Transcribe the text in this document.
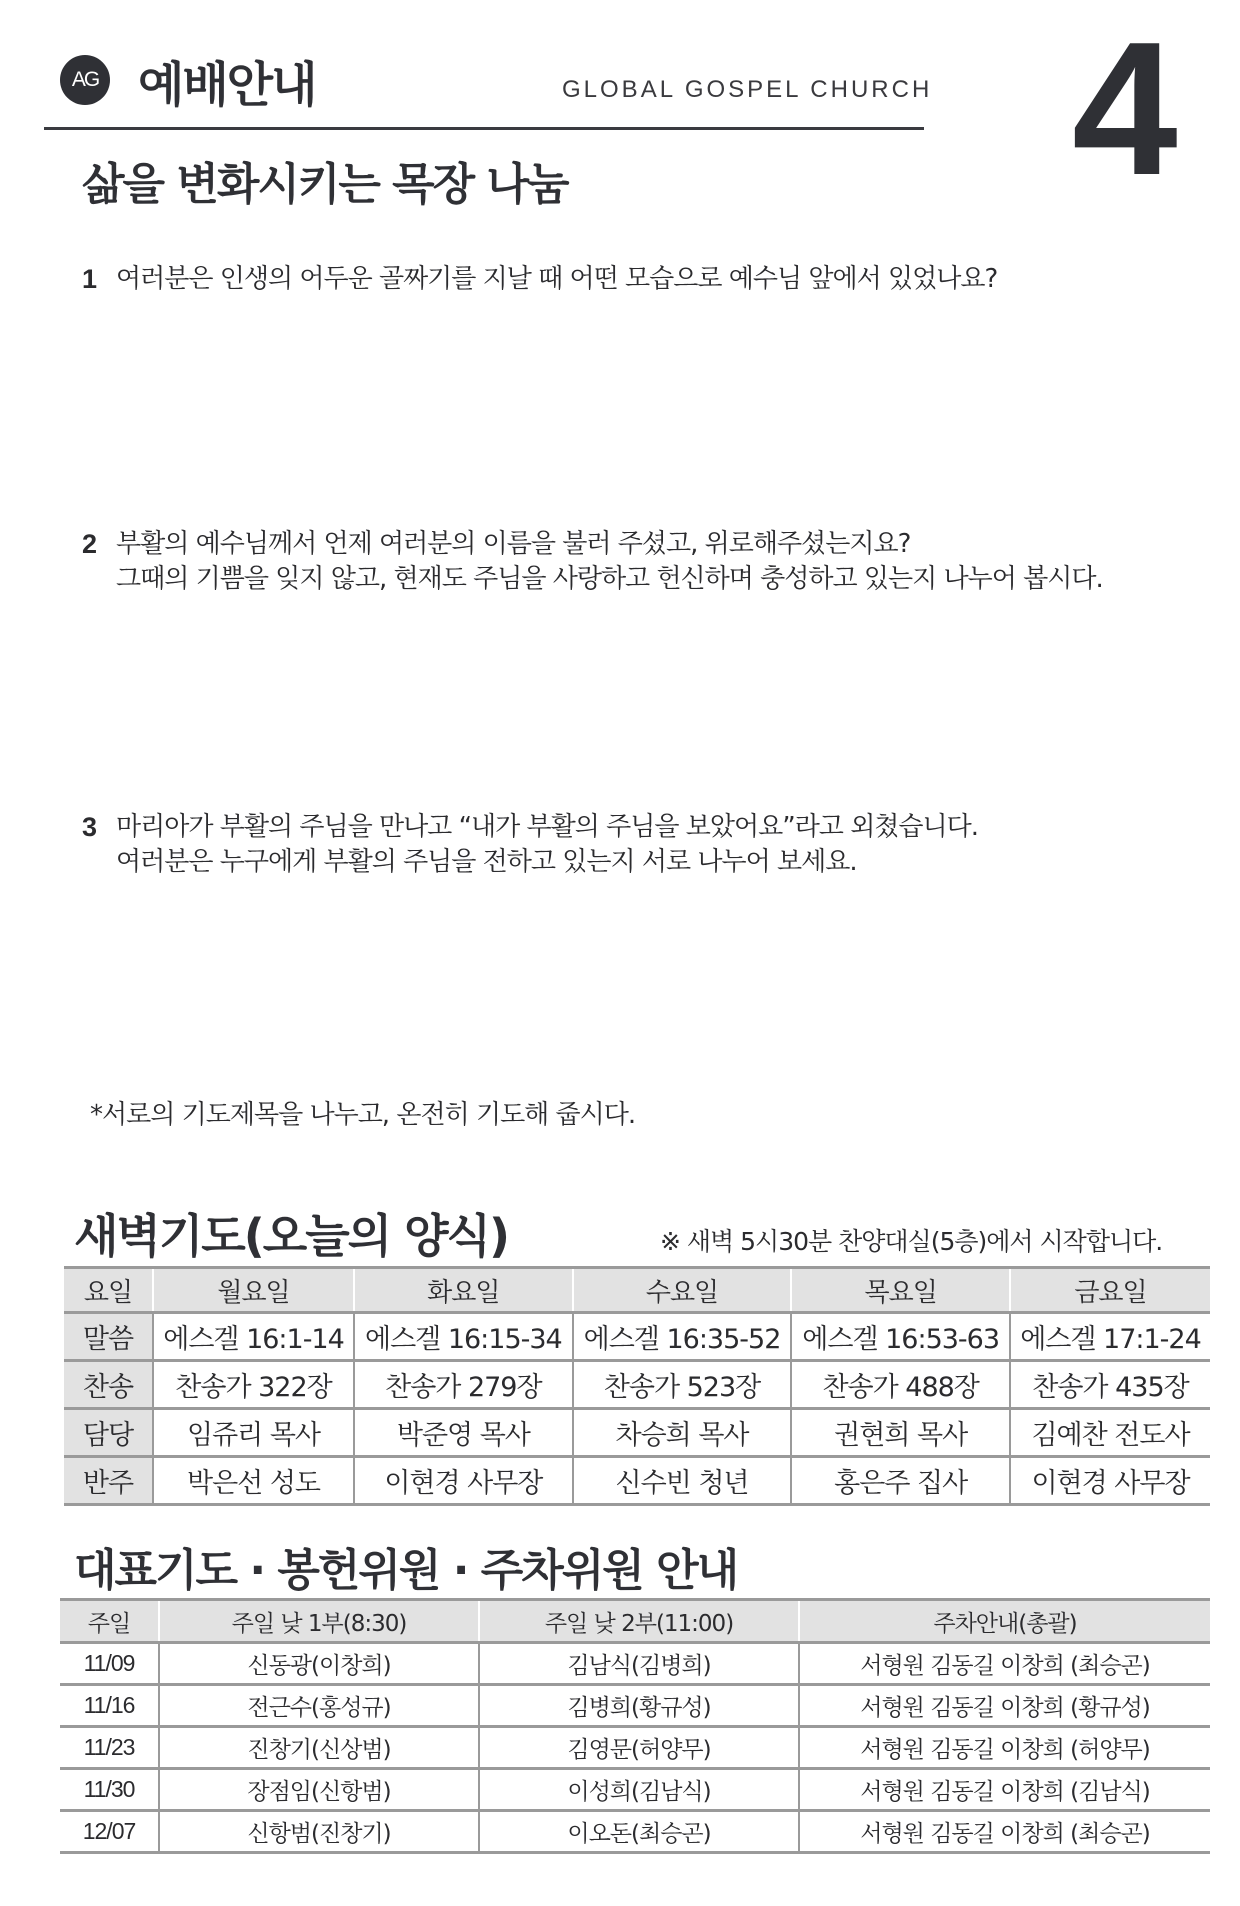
AG 예배안내	GLOBAL GOSPEL CHURCH 4
삶을 변화시키는 목장 나눔
1 여러분은 인생의 어두운 골짜기를 지날 때 어떤 모습으로 예수님 앞에서 있었나요?
2 부활의 예수님께서 언제 여러분의 이름을 불러 주셨고, 위로해주셨는지요?
그때의 기쁨을 잊지 않고, 현재도 주님을 사랑하고 헌신하며 충성하고 있는지 나누어 봅시다.
3 마리아가 부활의 주님을 만나고 “내가 부활의 주님을 보았어요”라고 외쳤습니다.
여러분은 누구에게 부활의 주님을 전하고 있는지 서로 나누어 보세요.
*서로의 기도제목을 나누고, 온전히 기도해 줍시다.
새벽기도(오늘의 양식)	※ 새벽 5시30분 찬양대실(5층)에서 시작합니다.
요일	월요일	화요일	수요일	목요일	금요일
말씀	에스겔 16:1-14	에스겔 16:15-34	에스겔 16:35-52	에스겔 16:53-63	에스겔 17:1-24
찬송	찬송가 322장	찬송가 279장	찬송가 523장	찬송가 488장	찬송가 435장
담당	임쥬리 목사	박준영 목사	차승희 목사	권현희 목사	김예찬 전도사
반주	박은선 성도	이현경 사무장	신수빈 청년	홍은주 집사	이현경 사무장
대표기도 · 봉헌위원 · 주차위원 안내
주일	주일 낮 1부(8:30)	주일 낮 2부(11:00)	주차안내(총괄)
11/09	신동광(이창희)	김남식(김병희)	서형원 김동길 이창희 (최승곤)
11/16	전근수(홍성규)	김병희(황규성)	서형원 김동길 이창희 (황규성)
11/23	진창기(신상범)	김영문(허양무)	서형원 김동길 이창희 (허양무)
11/30	장점임(신항범)	이성희(김남식)	서형원 김동길 이창희 (김남식)
12/07	신항범(진창기)	이오돈(최승곤)	서형원 김동길 이창희 (최승곤)
